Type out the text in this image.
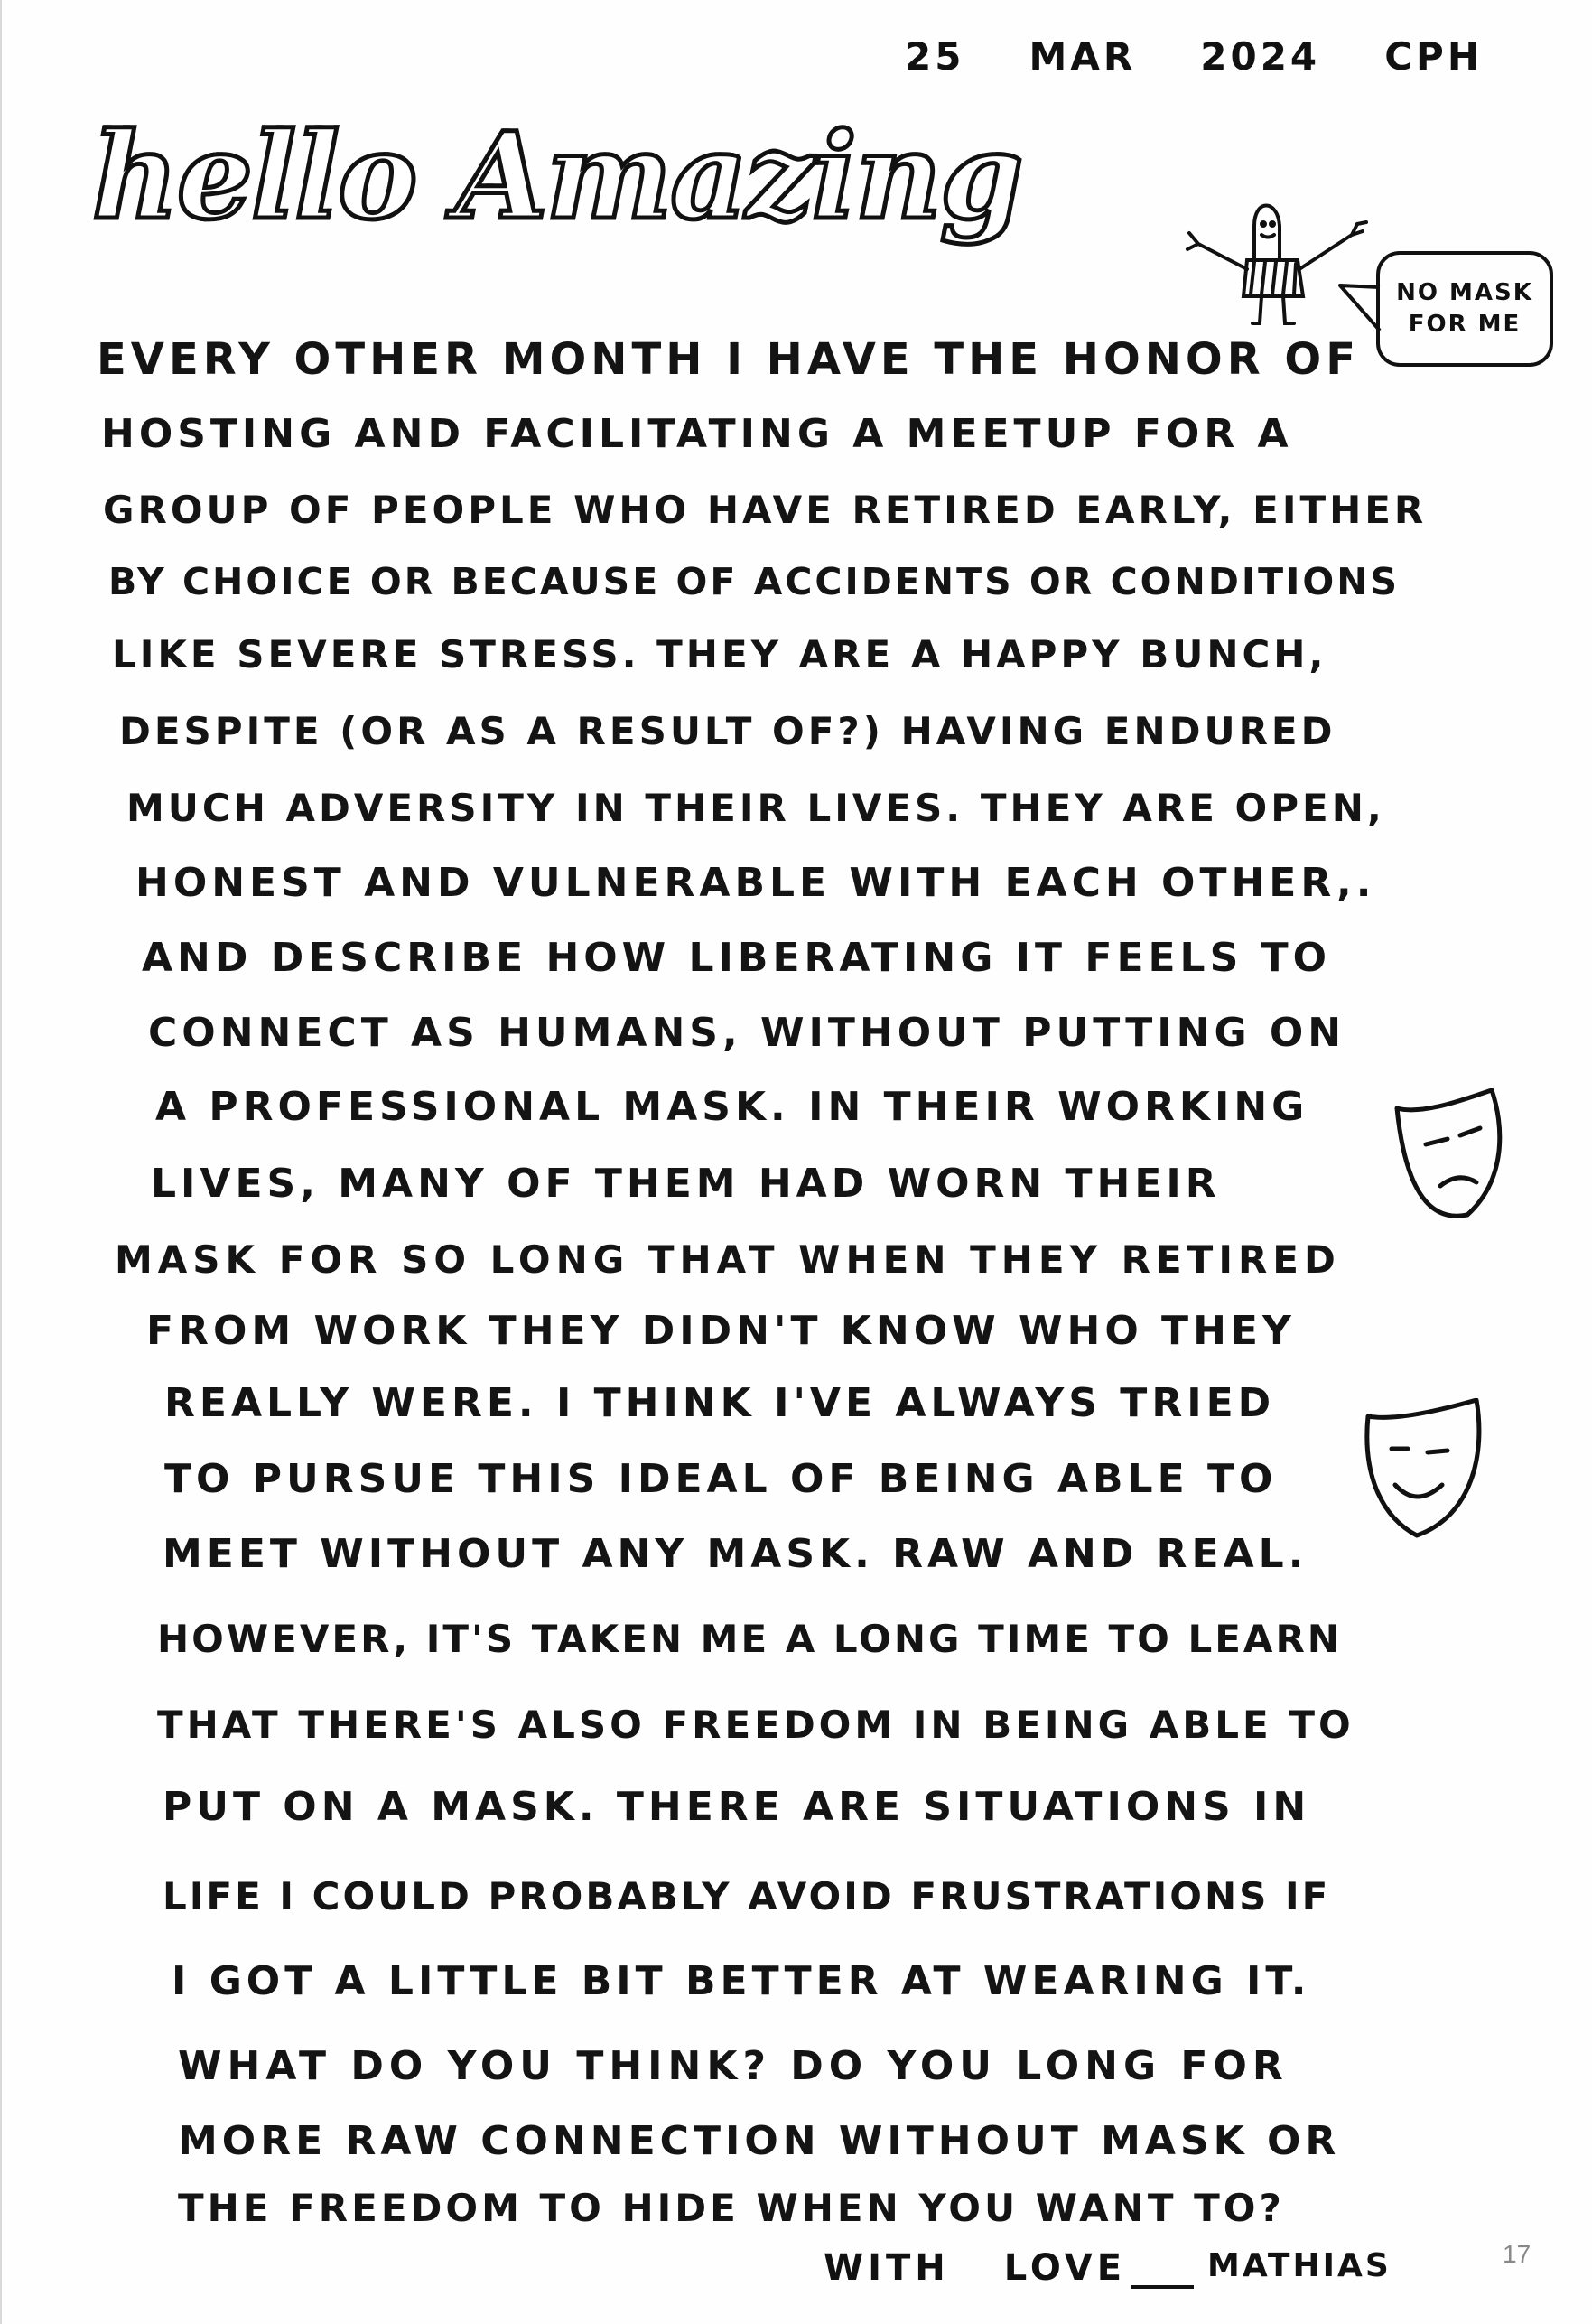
25 MAR 2024 CPH
hello Amazing
NO MASK
FOR ME
EVERY OTHER MONTH I HAVE THE HONOR OF
HOSTING AND FACILITATING A MEETUP FOR A
GROUP OF PEOPLE WHO HAVE RETIRED EARLY, EITHER
BY CHOICE OR BECAUSE OF ACCIDENTS OR CONDITIONS
LIKE SEVERE STRESS. THEY ARE A HAPPY BUNCH,
DESPITE (OR AS A RESULT OF?) HAVING ENDURED
MUCH ADVERSITY IN THEIR LIVES. THEY ARE OPEN,
HONEST AND VULNERABLE WITH EACH OTHER,.
AND DESCRIBE HOW LIBERATING IT FEELS TO
CONNECT AS HUMANS, WITHOUT PUTTING ON
A PROFESSIONAL MASK. IN THEIR WORKING
LIVES, MANY OF THEM HAD WORN THEIR
MASK FOR SO LONG THAT WHEN THEY RETIRED
FROM WORK THEY DIDN'T KNOW WHO THEY
REALLY WERE. I THINK I'VE ALWAYS TRIED
TO PURSUE THIS IDEAL OF BEING ABLE TO
MEET WITHOUT ANY MASK. RAW AND REAL.
HOWEVER, IT'S TAKEN ME A LONG TIME TO LEARN
THAT THERE'S ALSO FREEDOM IN BEING ABLE TO
PUT ON A MASK. THERE ARE SITUATIONS IN
LIFE I COULD PROBABLY AVOID FRUSTRATIONS IF
I GOT A LITTLE BIT BETTER AT WEARING IT.
WHAT DO YOU THINK? DO YOU LONG FOR
MORE RAW CONNECTION WITHOUT MASK OR
THE FREEDOM TO HIDE WHEN YOU WANT TO?
WITH LOVE MATHIAS	17
